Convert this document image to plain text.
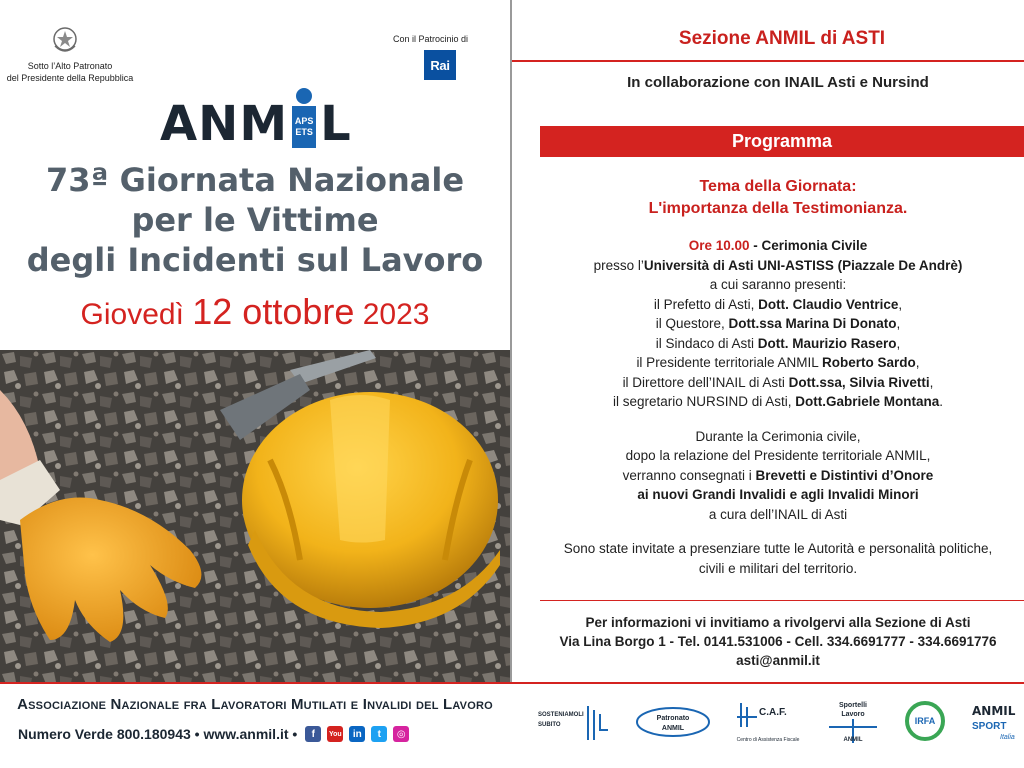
Sotto l’Alto Patronato
del Presidente della Repubblica
Con il Patrocinio di
Rai
ANM APS
ETS L
73ª Giornata Nazionale
per le Vittime
degli Incidenti sul Lavoro
Giovedì 12 ottobre 2023
Sezione ANMIL di ASTI
In collaborazione con INAIL Asti e Nursind
Programma
Tema della Giornata:
L'importanza della Testimonianza.
Ore 10.00 - Cerimonia Civile
presso l’Università di Asti UNI-ASTISS (Piazzale De Andrè)
a cui saranno presenti:
il Prefetto di Asti, Dott. Claudio Ventrice,
il Questore, Dott.ssa Marina Di Donato,
il Sindaco di Asti Dott. Maurizio Rasero,
il Presidente territoriale ANMIL Roberto Sardo,
il Direttore dell’INAIL di Asti Dott.ssa, Silvia Rivetti,
il segretario NURSIND di Asti, Dott.Gabriele Montana.
Durante la Cerimonia civile,
dopo la relazione del Presidente territoriale ANMIL,
verranno consegnati i Brevetti e Distintivi d’Onore
ai nuovi Grandi Invalidi e agli Invalidi Minori
a cura dell’INAIL di Asti
Sono state invitate a presenziare tutte le Autorità e personalità politiche,
civili e militari del territorio.
Per informazioni vi invitiamo a rivolgervi alla Sezione di Asti
Via Lina Borgo 1 - Tel. 0141.531006 - Cell. 334.6691777 - 334.6691776
asti@anmil.it
Associazione Nazionale fra Lavoratori Mutilati e Invalidi del Lavoro
Numero Verde 800.180943 • www.anmil.it •	f	You	in	t	◎
SOSTENIAMOLI
SUBITO
Patronato
ANMIL
C.A.F.
Centro di Assistenza Fiscale
Sportelli
Lavoro
ANMIL
IRFA
ANMIL
SPORT
Italia
